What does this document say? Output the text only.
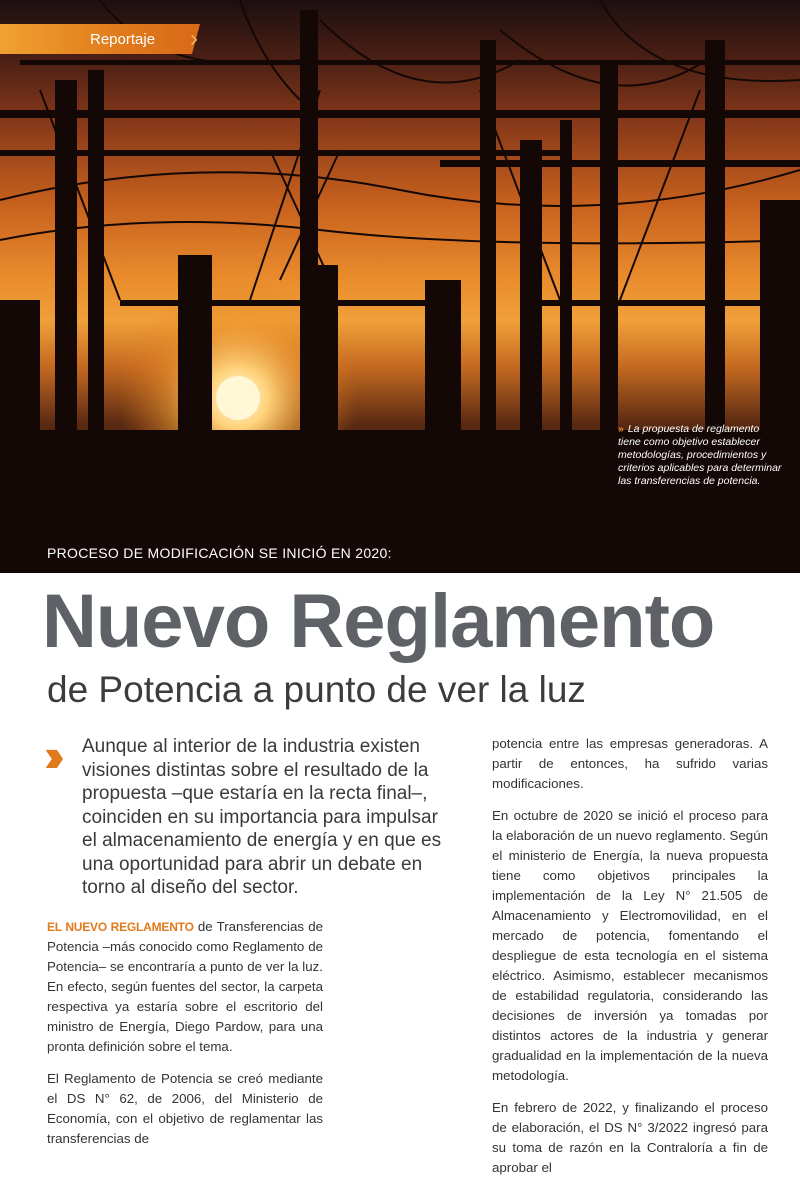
Reportaje ›
» La propuesta de reglamento tiene como objetivo establecer metodologías, procedimientos y criterios aplicables para determinar las transferencias de potencia.
PROCESO DE MODIFICACIÓN SE INICIÓ EN 2020:
Nuevo Reglamento
de Potencia a punto de ver la luz
›› Aunque al interior de la industria existen visiones distintas sobre el resultado de la propuesta –que estaría en la recta final–, coinciden en su importancia para impulsar el almacenamiento de energía y en que es una oportunidad para abrir un debate en torno al diseño del sector.

EL NUEVO REGLAMENTO de Transferencias de Potencia –más conocido como Reglamento de Potencia– se encontraría a punto de ver la luz. En efecto, según fuentes del sector, la carpeta respectiva ya estaría sobre el escritorio del ministro de Energía, Diego Pardow, para una pronta definición sobre el tema.

El Reglamento de Potencia se creó mediante el DS N° 62, de 2006, del Ministerio de Economía, con el objetivo de reglamentar las transferencias de

potencia entre las empresas generadoras. A partir de entonces, ha sufrido varias modificaciones.

En octubre de 2020 se inició el proceso para la elaboración de un nuevo reglamento. Según el ministerio de Energía, la nueva propuesta tiene como objetivos principales la implementación de la Ley N° 21.505 de Almacenamiento y Electromovilidad, en el mercado de potencia, fomentando el despliegue de esta tecnología en el sistema eléctrico. Asimismo, establecer mecanismos de estabilidad regulatoria, considerando las decisiones de inversión ya tomadas por distintos actores de la industria y generar gradualidad en la implementación de la nueva metodología.

En febrero de 2022, y finalizando el proceso de elaboración, el DS N° 3/2022 ingresó para su toma de razón en la Contraloría a fin de aprobar el
